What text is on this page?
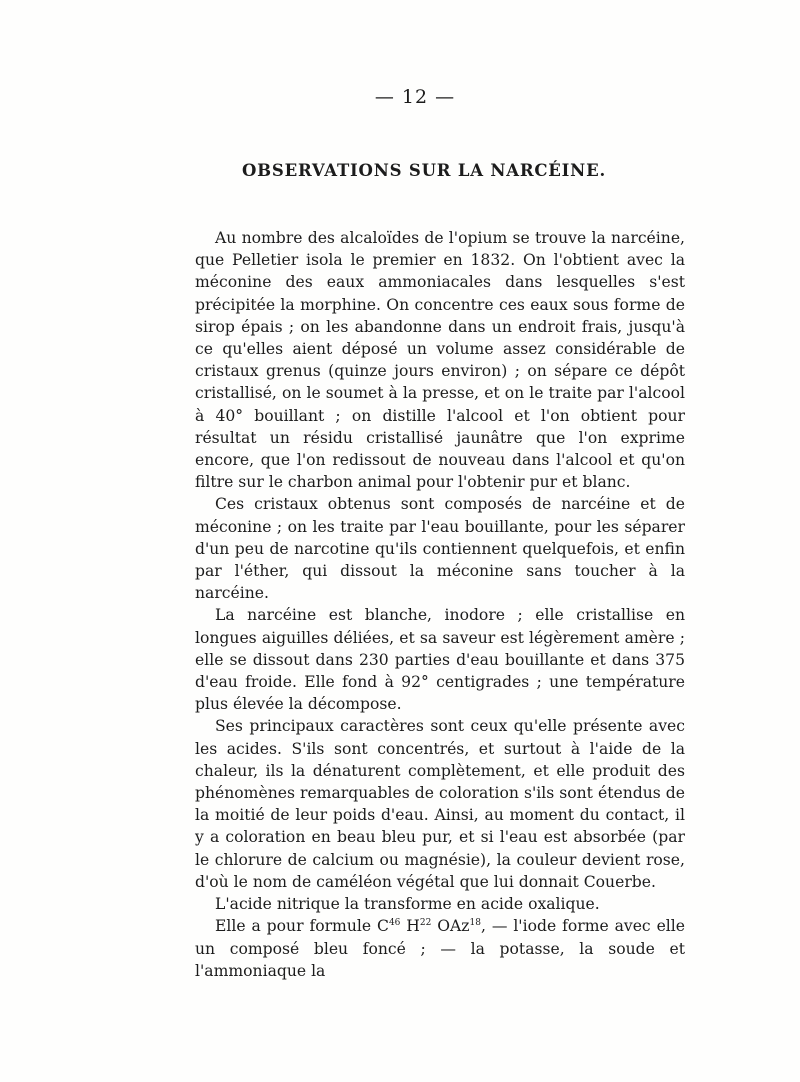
— 12 —
OBSERVATIONS SUR LA NARCÉINE.

Au nombre des alcaloïdes de l'opium se trouve la narcéine, que Pelletier isola le premier en 1832. On l'obtient avec la méconine des eaux ammoniacales dans lesquelles s'est précipitée la morphine. On concentre ces eaux sous forme de sirop épais ; on les abandonne dans un endroit frais, jusqu'à ce qu'elles aient déposé un volume assez considérable de cristaux grenus (quinze jours environ) ; on sépare ce dépôt cristallisé, on le soumet à la presse, et on le traite par l'alcool à 40° bouillant ; on distille l'alcool et l'on obtient pour résultat un résidu cristallisé jaunâtre que l'on exprime encore, que l'on redissout de nouveau dans l'alcool et qu'on filtre sur le charbon animal pour l'obtenir pur et blanc.

Ces cristaux obtenus sont composés de narcéine et de méconine ; on les traite par l'eau bouillante, pour les séparer d'un peu de narcotine qu'ils contiennent quelquefois, et enfin par l'éther, qui dissout la méconine sans toucher à la narcéine.

La narcéine est blanche, inodore ; elle cristallise en longues aiguilles déliées, et sa saveur est légèrement amère ; elle se dissout dans 230 parties d'eau bouillante et dans 375 d'eau froide. Elle fond à 92° centigrades ; une température plus élevée la décompose.

Ses principaux caractères sont ceux qu'elle présente avec les acides. S'ils sont concentrés, et surtout à l'aide de la chaleur, ils la dénaturent complètement, et elle produit des phénomènes remarquables de coloration s'ils sont étendus de la moitié de leur poids d'eau. Ainsi, au moment du contact, il y a coloration en beau bleu pur, et si l'eau est absorbée (par le chlorure de calcium ou magnésie), la couleur devient rose, d'où le nom de caméléon végétal que lui donnait Couerbe.

L'acide nitrique la transforme en acide oxalique.

Elle a pour formule $C^{46}$ $H^{22}$ OAz$^{18}$, — l'iode forme avec elle un composé bleu foncé ; — la potasse, la soude et l'ammoniaque la
